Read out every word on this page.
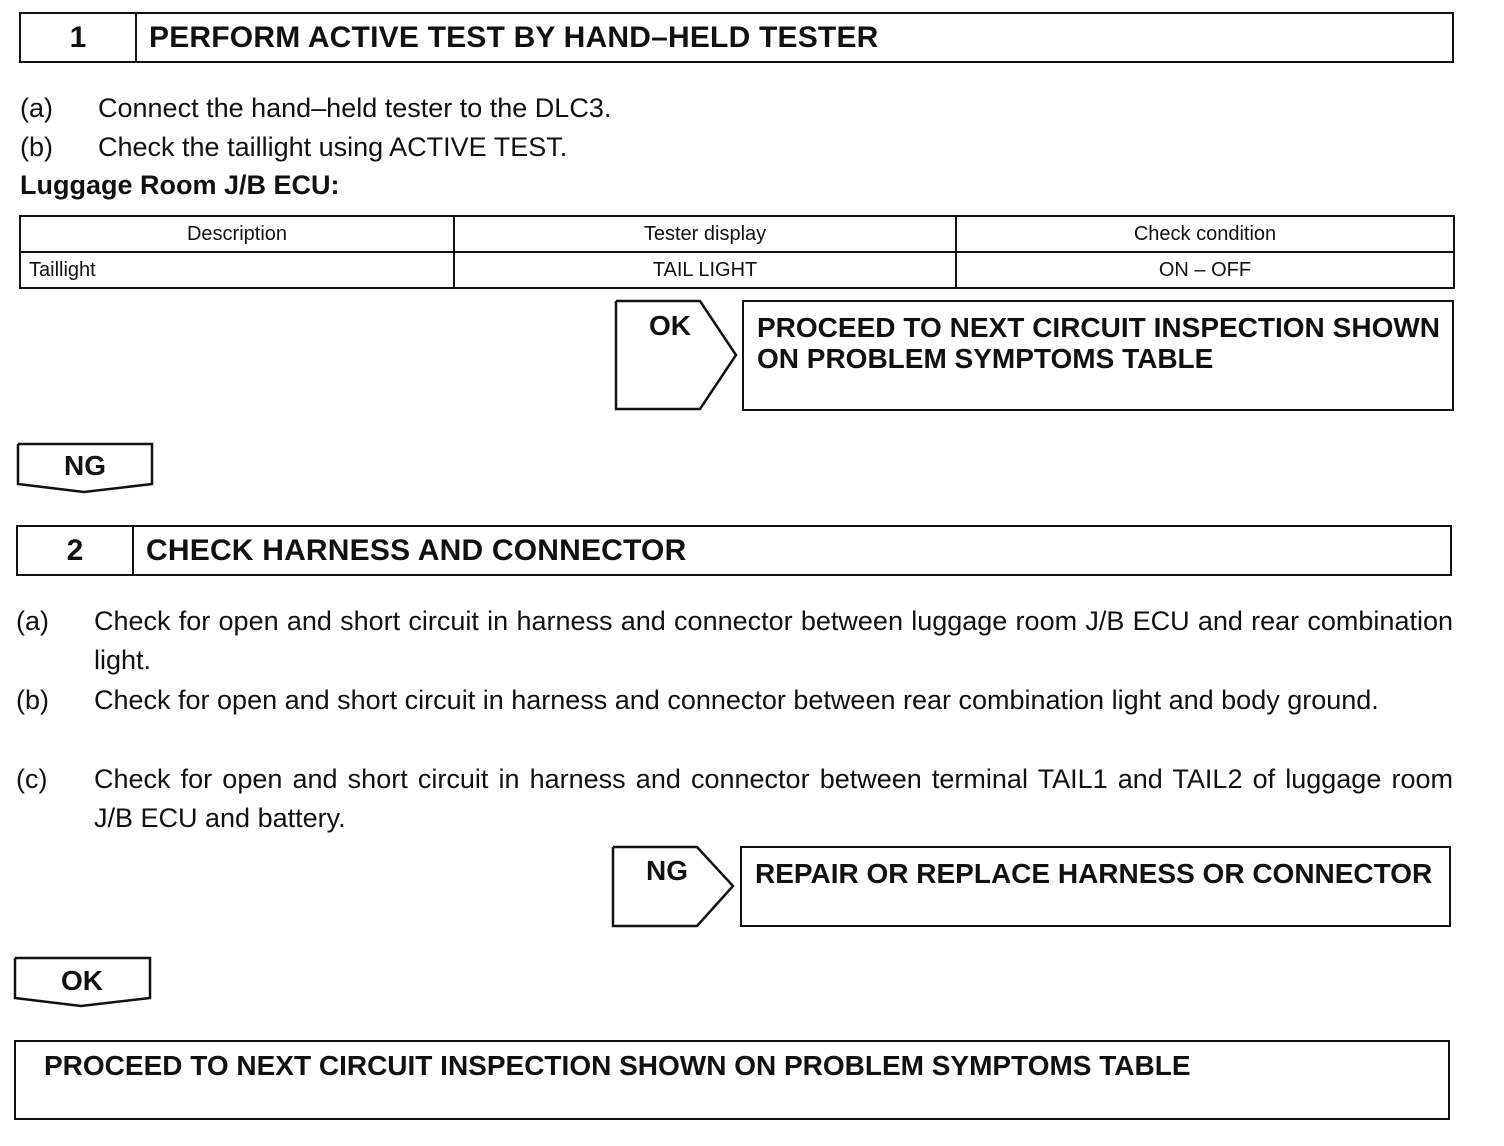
1	PERFORM ACTIVE TEST BY HAND–HELD TESTER
(a) Connect the hand–held tester to the DLC3.
(b) Check the taillight using ACTIVE TEST.
Luggage Room J/B ECU:
Description	Tester display	Check condition
Taillight	TAIL LIGHT	ON – OFF
OK	PROCEED TO NEXT CIRCUIT INSPECTION SHOWN ON PROBLEM SYMPTOMS TABLE
NG
2	CHECK HARNESS AND CONNECTOR
(a) Check for open and short circuit in harness and connector between luggage room J/B ECU and rear combination light.
(b) Check for open and short circuit in harness and connector between rear combination light and body ground.
(c) Check for open and short circuit in harness and connector between terminal TAIL1 and TAIL2 of luggage room J/B ECU and battery.
NG	REPAIR OR REPLACE HARNESS OR CONNECTOR
OK
PROCEED TO NEXT CIRCUIT INSPECTION SHOWN ON PROBLEM SYMPTOMS TABLE
